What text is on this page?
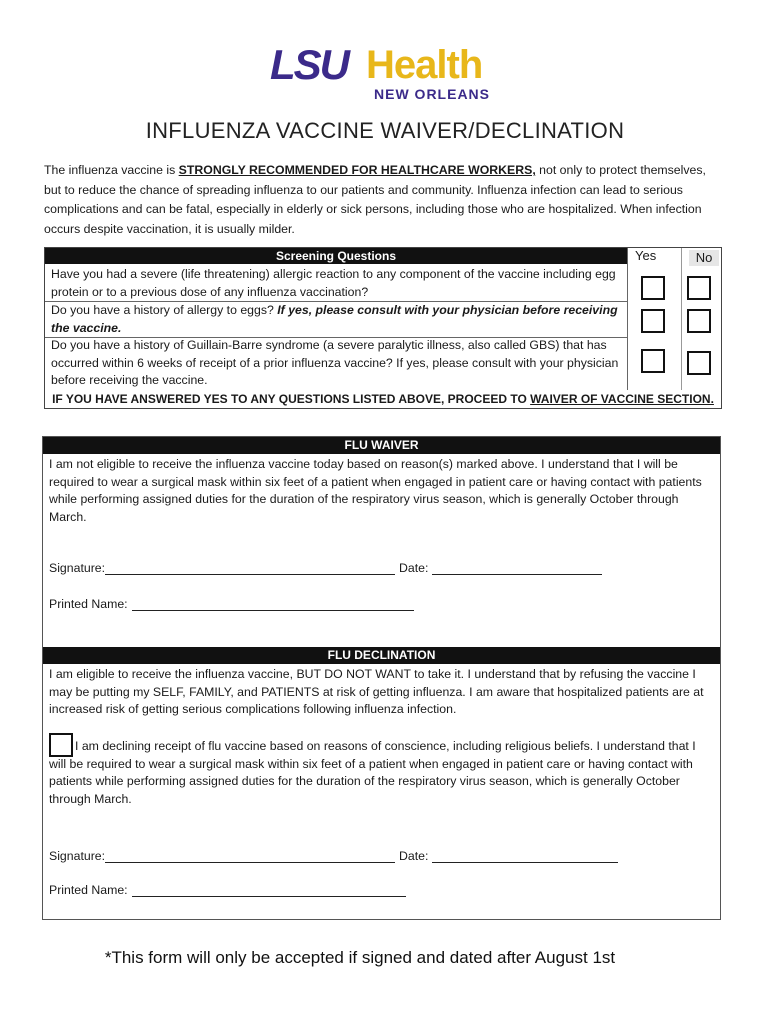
LSU Health
NEW ORLEANS
INFLUENZA VACCINE WAIVER/DECLINATION
The influenza vaccine is STRONGLY RECOMMENDED FOR HEALTHCARE WORKERS, not only to protect themselves, but to reduce the chance of spreading influenza to our patients and community. Influenza infection can lead to serious complications and can be fatal, especially in elderly or sick persons, including those who are hospitalized. When infection occurs despite vaccination, it is usually milder.
Screening Questions	Yes	No
Have you had a severe (life threatening) allergic reaction to any component of the vaccine including egg protein or to a previous dose of any influenza vaccination?
Do you have a history of allergy to eggs? If yes, please consult with your physician before receiving the vaccine.
Do you have a history of Guillain-Barre syndrome (a severe paralytic illness, also called GBS) that has occurred within 6 weeks of receipt of a prior influenza vaccine? If yes, please consult with your physician before receiving the vaccine.
IF YOU HAVE ANSWERED YES TO ANY QUESTIONS LISTED ABOVE, PROCEED TO WAIVER OF VACCINE SECTION.
FLU WAIVER
I am not eligible to receive the influenza vaccine today based on reason(s) marked above. I understand that I will be required to wear a surgical mask within six feet of a patient when engaged in patient care or having contact with patients while performing assigned duties for the duration of the respiratory virus season, which is generally October through March.
Signature:	Date:
Printed Name:
FLU DECLINATION
I am eligible to receive the influenza vaccine, BUT DO NOT WANT to take it. I understand that by refusing the vaccine I may be putting my SELF, FAMILY, and PATIENTS at risk of getting influenza. I am aware that hospitalized patients are at increased risk of getting serious complications following influenza infection.
I am declining receipt of flu vaccine based on reasons of conscience, including religious beliefs. I understand that I will be required to wear a surgical mask within six feet of a patient when engaged in patient care or having contact with patients while performing assigned duties for the duration of the respiratory virus season, which is generally October through March.
Signature:	Date:
Printed Name:
*This form will only be accepted if signed and dated after August 1st
